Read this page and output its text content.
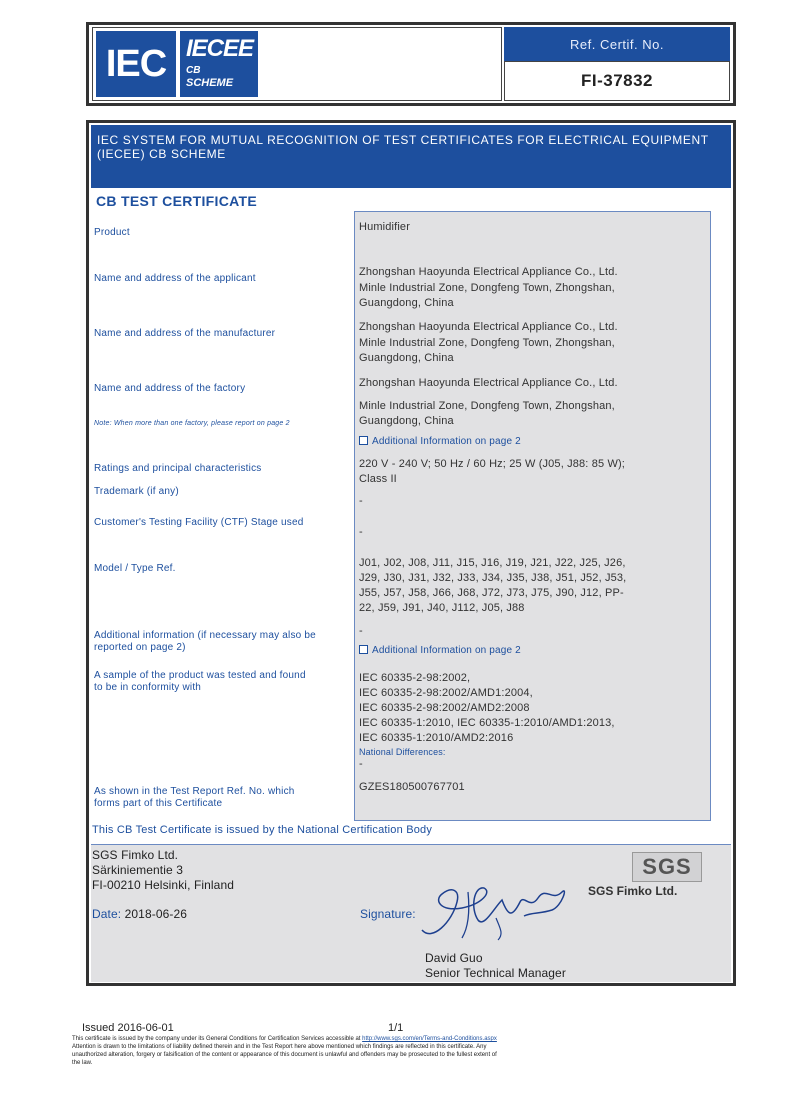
IEC IECEE
CB
SCHEME
Ref. Certif. No.
FI-37832
IEC SYSTEM FOR MUTUAL RECOGNITION OF TEST CERTIFICATES FOR ELECTRICAL EQUIPMENT (IECEE) CB SCHEME
CB TEST CERTIFICATE
Product
Name and address of the applicant
Name and address of the manufacturer
Name and address of the factory
Note: When more than one factory, please report on page 2
Ratings and principal characteristics
Trademark (if any)
Customer's Testing Facility (CTF) Stage used
Model / Type Ref.
Additional information (if necessary may also be
reported on page 2)
A sample of the product was tested and found
to be in conformity with
As shown in the Test Report Ref. No. which
forms part of this Certificate
Humidifier
Zhongshan Haoyunda Electrical Appliance Co., Ltd.
Minle Industrial Zone, Dongfeng Town, Zhongshan,
Guangdong, China
Zhongshan Haoyunda Electrical Appliance Co., Ltd.
Minle Industrial Zone, Dongfeng Town, Zhongshan,
Guangdong, China
Zhongshan Haoyunda Electrical Appliance Co., Ltd.
Minle Industrial Zone, Dongfeng Town, Zhongshan,
Guangdong, China
Additional Information on page 2
220 V - 240 V; 50 Hz / 60 Hz; 25 W (J05, J88: 85 W);
Class II
-
-
J01, J02, J08, J11, J15, J16, J19, J21, J22, J25, J26,
J29, J30, J31, J32, J33, J34, J35, J38, J51, J52, J53,
J55, J57, J58, J66, J68, J72, J73, J75, J90, J12, PP-
22, J59, J91, J40, J112, J05, J88
-
Additional Information on page 2
IEC 60335-2-98:2002,
IEC 60335-2-98:2002/AMD1:2004,
IEC 60335-2-98:2002/AMD2:2008
IEC 60335-1:2010, IEC 60335-1:2010/AMD1:2013,
IEC 60335-1:2010/AMD2:2016
National Differences:
-
GZES180500767701
This CB Test Certificate is issued by the National Certification Body
SGS Fimko Ltd.
Särkiniementie 3
FI-00210 Helsinki, Finland
Date: 2018-06-26	Signature:
David Guo
Senior Technical Manager
SGS
SGS Fimko Ltd.
Issued 2016-06-01	1/1
This certificate is issued by the company under its General Conditions for Certification Services accessible at http://www.sgs.com/en/Terms-and-Conditions.aspx
Attention is drawn to the limitations of liability defined therein and in the Test Report here above mentioned which findings are reflected in this certificate. Any
unauthorized alteration, forgery or falsification of the content or appearance of this document is unlawful and offenders may be prosecuted to the fullest extent of
the law.
